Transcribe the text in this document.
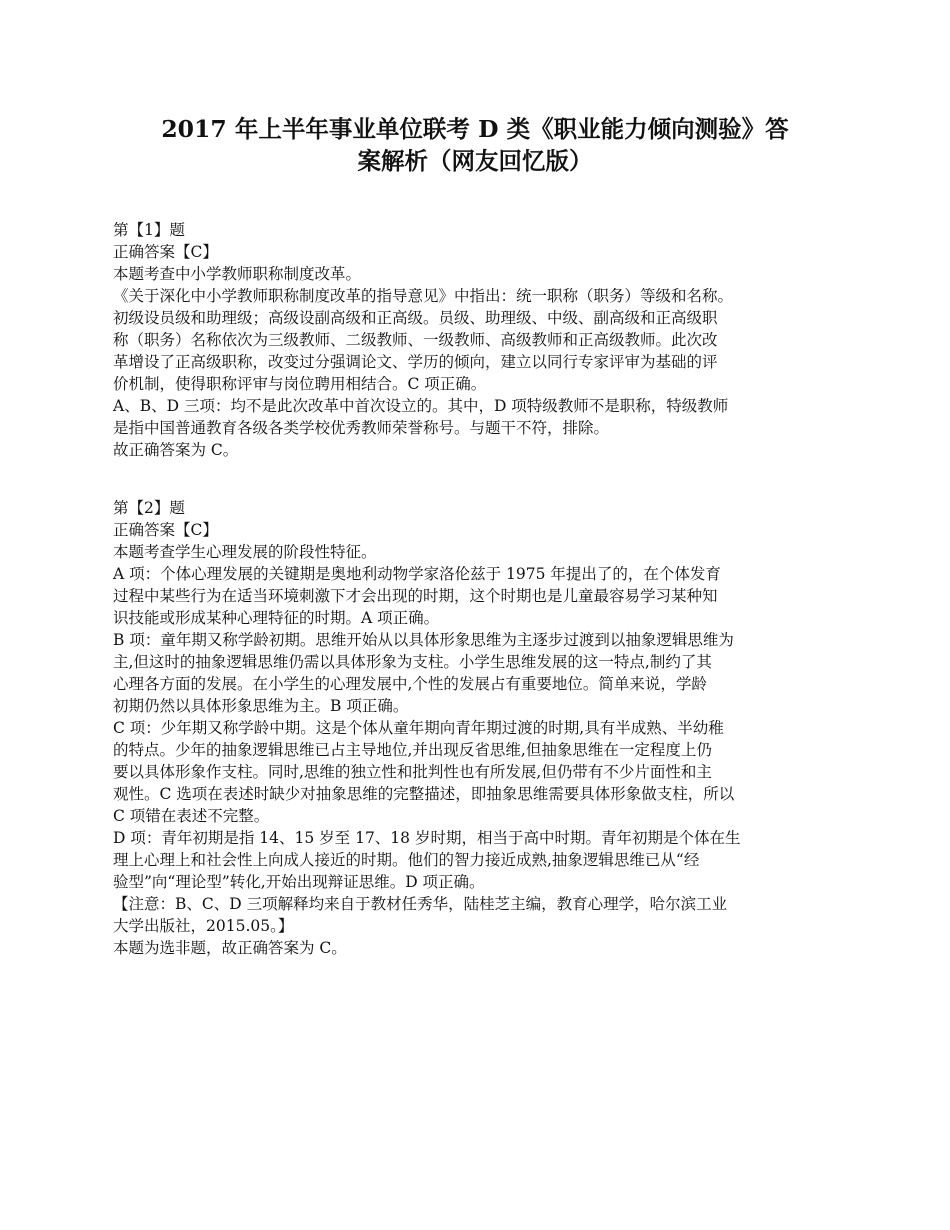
2017 年上半年事业单位联考 D 类《职业能力倾向测验》答
案解析（网友回忆版）
第【1】题
正确答案【C】
本题考查中小学教师职称制度改革。
《关于深化中小学教师职称制度改革的指导意见》中指出：统一职称（职务）等级和名称。
初级设员级和助理级；高级设副高级和正高级。员级、助理级、中级、副高级和正高级职
称（职务）名称依次为三级教师、二级教师、一级教师、高级教师和正高级教师。此次改
革增设了正高级职称，改变过分强调论文、学历的倾向，建立以同行专家评审为基础的评
价机制，使得职称评审与岗位聘用相结合。C 项正确。
A、B、D 三项：均不是此次改革中首次设立的。其中，D 项特级教师不是职称，特级教师
是指中国普通教育各级各类学校优秀教师荣誉称号。与题干不符，排除。
故正确答案为 C。
第【2】题
正确答案【C】
本题考查学生心理发展的阶段性特征。
A 项：个体心理发展的关键期是奥地利动物学家洛伦兹于 1975 年提出了的，在个体发育
过程中某些行为在适当环境刺激下才会出现的时期，这个时期也是儿童最容易学习某种知
识技能或形成某种心理特征的时期。A 项正确。
B 项：童年期又称学龄初期。思维开始从以具体形象思维为主逐步过渡到以抽象逻辑思维为
主,但这时的抽象逻辑思维仍需以具体形象为支柱。小学生思维发展的这一特点,制约了其
心理各方面的发展。在小学生的心理发展中,个性的发展占有重要地位。简单来说，学龄
初期仍然以具体形象思维为主。B 项正确。
C 项：少年期又称学龄中期。这是个体从童年期向青年期过渡的时期,具有半成熟、半幼稚
的特点。少年的抽象逻辑思维已占主导地位,并出现反省思维,但抽象思维在一定程度上仍
要以具体形象作支柱。同时,思维的独立性和批判性也有所发展,但仍带有不少片面性和主
观性。C 选项在表述时缺少对抽象思维的完整描述，即抽象思维需要具体形象做支柱，所以
C 项错在表述不完整。
D 项：青年初期是指 14、15 岁至 17、18 岁时期，相当于高中时期。青年初期是个体在生
理上心理上和社会性上向成人接近的时期。他们的智力接近成熟,抽象逻辑思维已从“经
验型”向“理论型”转化,开始出现辩证思维。D 项正确。
【注意：B、C、D 三项解释均来自于教材任秀华，陆桂芝主编，教育心理学，哈尔滨工业
大学出版社，2015.05。】
本题为选非题，故正确答案为 C。
